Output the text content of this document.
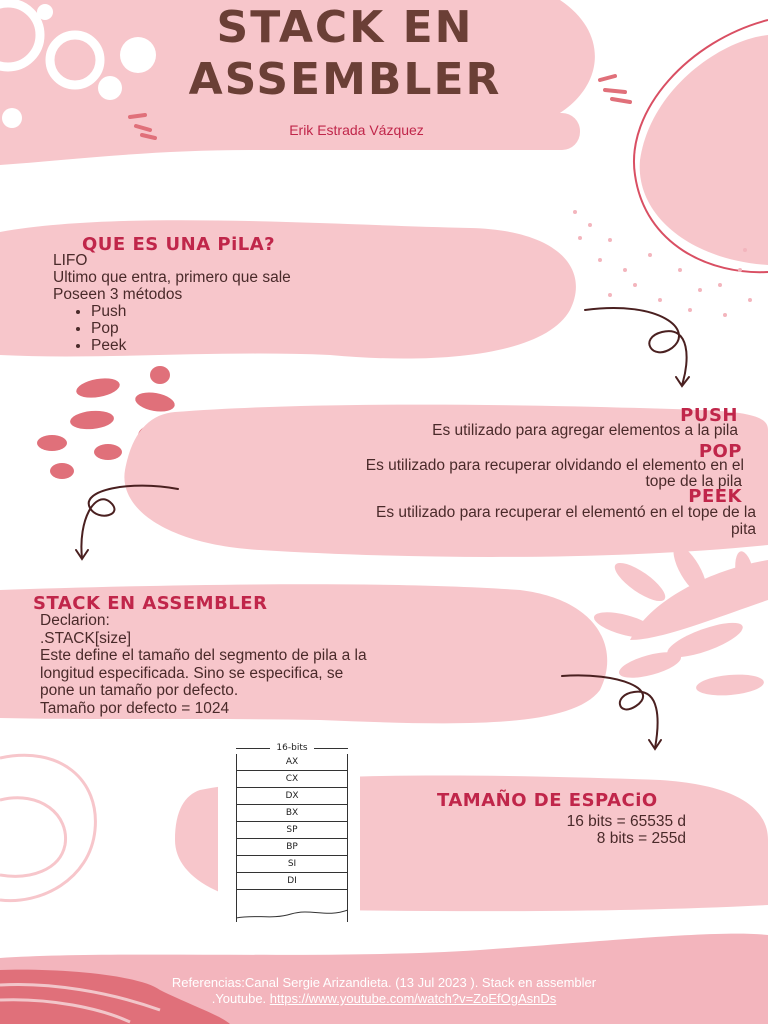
STACK EN
ASSEMBLER
Erik Estrada Vázquez
QUE ES UNA PiLA?
LIFO
Ultimo que entra, primero que sale
Poseen 3 métodos
• Push
• Pop
• Peek
PUSH
Es utilizado para agregar elementos a la pila
POP
Es utilizado para recuperar olvidando el elemento en el
tope de la pila
PEEK
Es utilizado para recuperar el elementó en el tope de la
pita
STACK EN ASSEMBLER
Declarion:
.STACK[size]
Este define el tamaño del segmento de pila a la
longitud especificada. Sino se especifica, se
pone un tamaño por defecto.
Tamaño por defecto = 1024
16-bits
AX
CX
DX
BX
SP
BP
SI
DI
TAMAÑO DE ESPACiO
16 bits = 65535 d
8 bits = 255d
Referencias:Canal Sergie Arizandieta. (13 Jul 2023 ). Stack en assembler
.Youtube. https://www.youtube.com/watch?v=ZoEfOgAsnDs
